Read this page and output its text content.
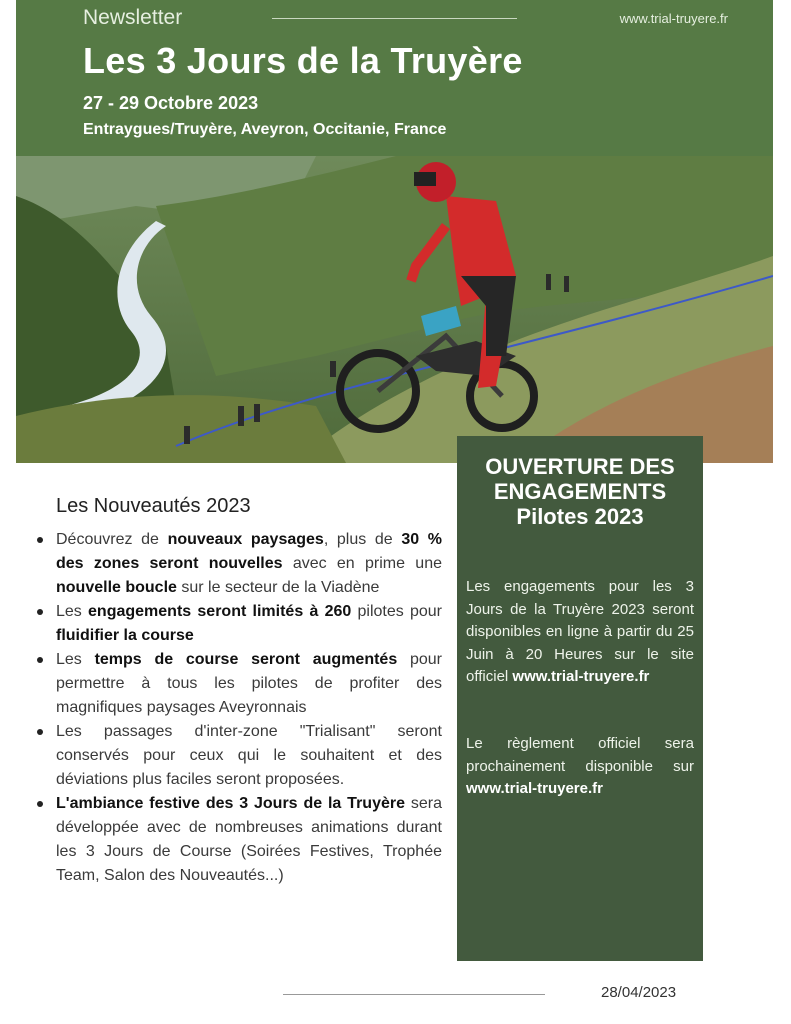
Newsletter	www.trial-truyere.fr
Les 3 Jours de la Truyère
27 - 29 Octobre 2023
Entraygues/Truyère, Aveyron, Occitanie, France
Les Nouveautés 2023
Découvrez de nouveaux paysages, plus de 30 % des zones seront nouvelles avec en prime une nouvelle boucle sur le secteur de la Viadène
Les engagements seront limités à 260 pilotes pour fluidifier la course
Les temps de course seront augmentés pour permettre à tous les pilotes de profiter des magnifiques paysages Aveyronnais
Les passages d'inter-zone "Trialisant" seront conservés pour ceux qui le souhaitent et des déviations plus faciles seront proposées.
L'ambiance festive des 3 Jours de la Truyère sera développée avec de nombreuses animations durant les 3 Jours de Course (Soirées Festives, Trophée Team, Salon des Nouveautés...)
OUVERTURE DES ENGAGEMENTS Pilotes 2023
Les engagements pour les 3 Jours de la Truyère 2023 seront disponibles en ligne à partir du 25 Juin à 20 Heures sur le site officiel www.trial-truyere.fr
Le règlement officiel sera prochainement disponible sur www.trial-truyere.fr
28/04/2023
